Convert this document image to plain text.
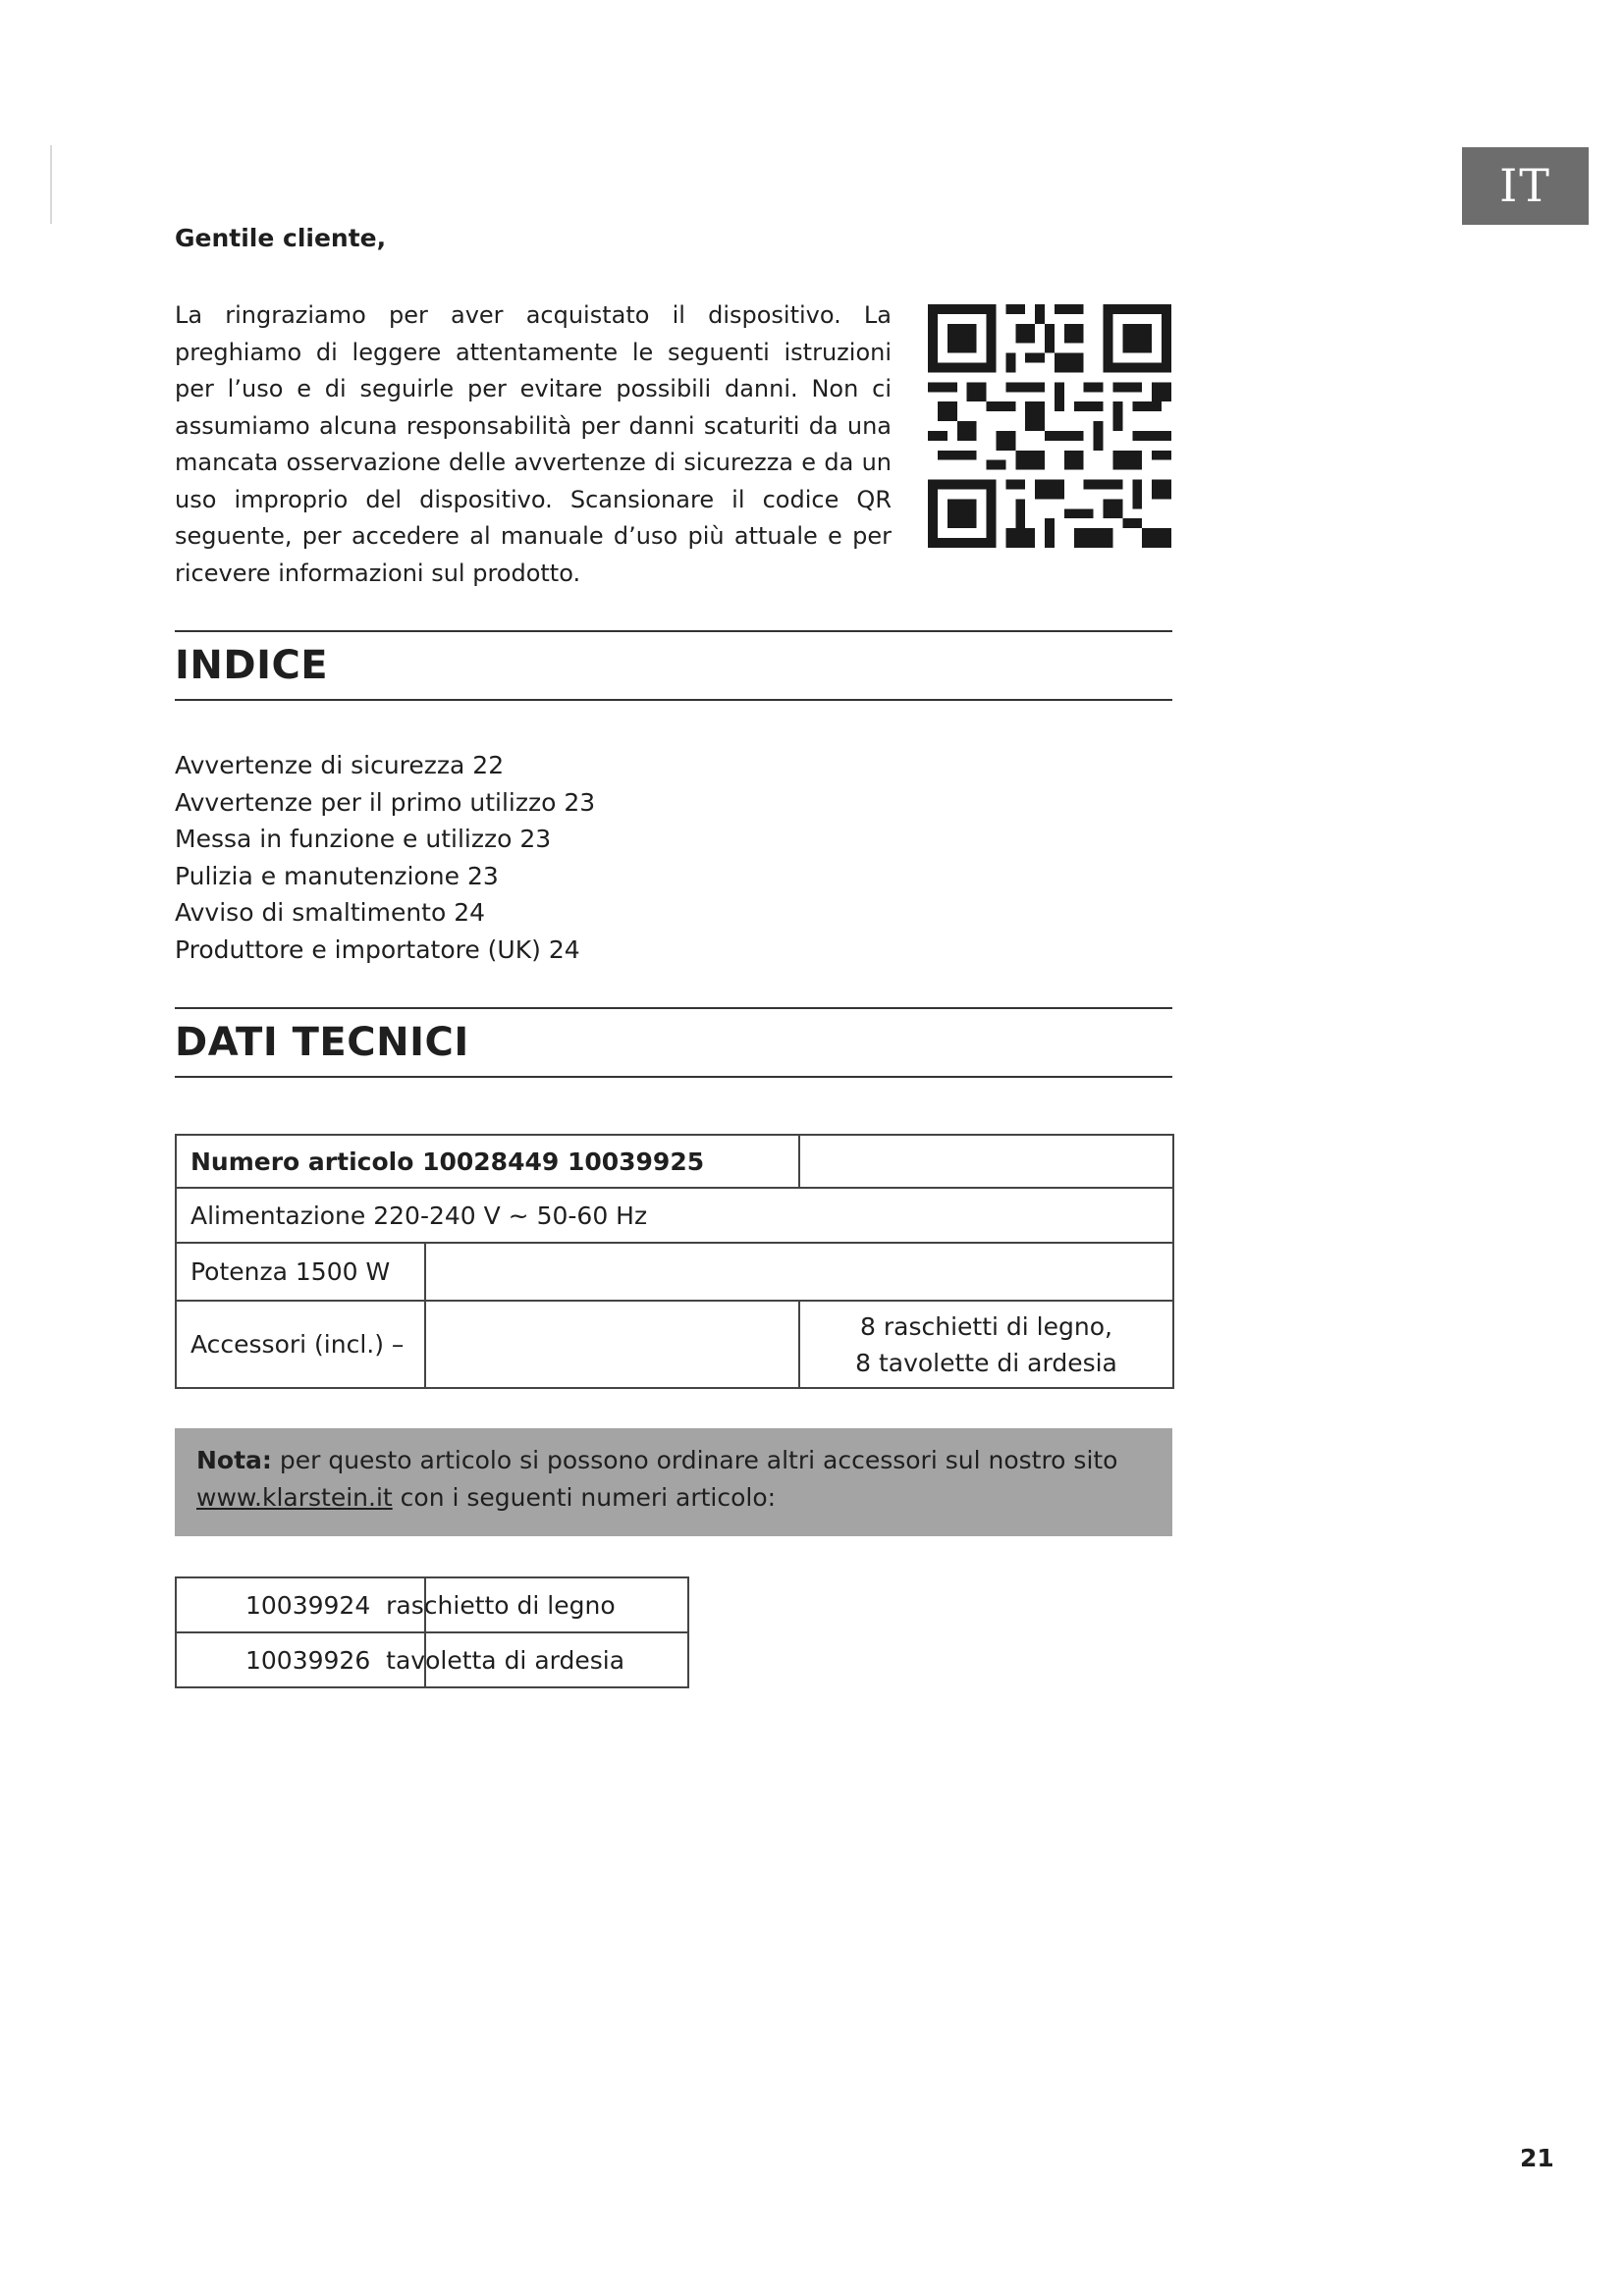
IT
Gentile cliente,

La ringraziamo per aver acquistato il dispositivo. La preghiamo di leggere attentamente le seguenti istruzioni per l’uso e di seguirle per evitare possibili danni. Non ci assumiamo alcuna responsabilità per danni scaturiti da una mancata osservazione delle avvertenze di sicurezza e da un uso improprio del dispositivo. Scansionare il codice QR seguente, per accedere al manuale d’uso più attuale e per ricevere informazioni sul prodotto.

INDICE
Avvertenze di sicurezza 22
Avvertenze per il primo utilizzo 23
Messa in funzione e utilizzo 23
Pulizia e manutenzione 23
Avviso di smaltimento 24
Produttore e importatore (UK) 24
DATI TECNICI
Numero articolo 10028449 10039925		
Alimentazione 220-240 V ~ 50-60 Hz		
Potenza 1500 W		
Accessori (incl.) –		8 raschietti di legno,
8 tavolette di ardesia
Nota: per questo articolo si possono ordinare altri accessori sul nostro sito
www.klarstein.it con i seguenti numeri articolo:
10039924 raschietto di legno	
10039926 tavoletta di ardesia	
21
